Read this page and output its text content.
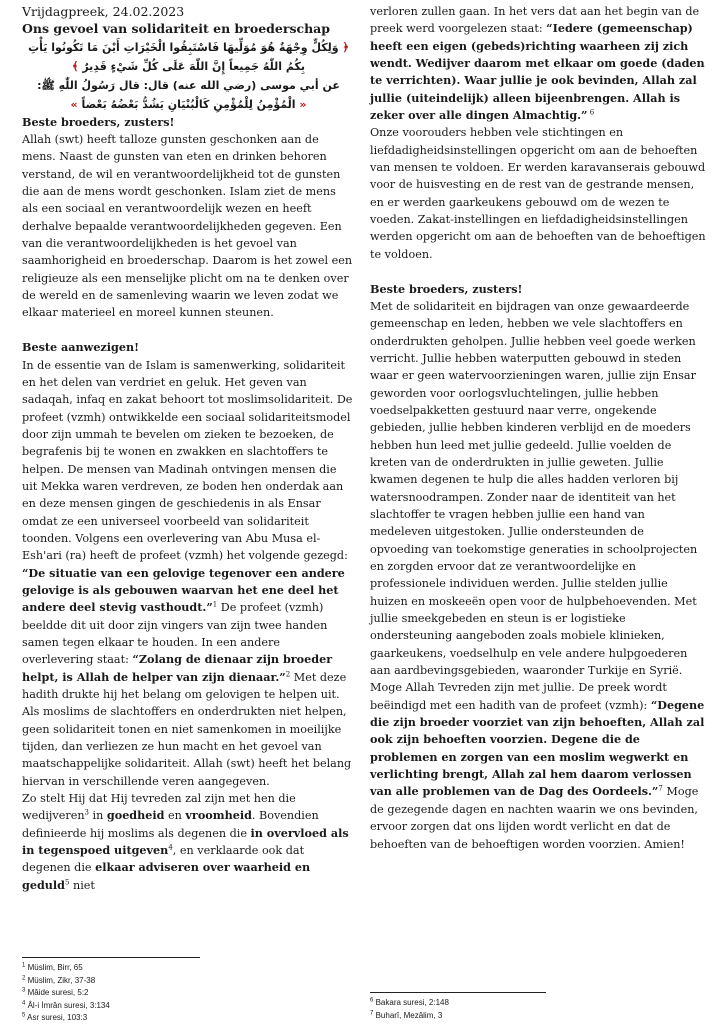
Vrijdagpreek, 24.02.2023
Ons gevoel van solidariteit en broederschap
﴿ وَلِكُلٍّ وِجْهَةٌ هُوَ مُوَلِّيهَا فَاسْتَبِقُوا الْخَيْرَاتِ أَيْنَ مَا تَكُونُوا يَأْتِ بِكُمُ اللّٰهُ جَمِيعاً إِنَّ اللّٰهَ عَلَى كُلِّ شَيْءٍ قَدِيرٌ ﴾
عن أبي موسى (رضي الله عنه) قال: قال رَسُولُ اللّٰهِ ﷺ:
« الْمُؤْمِنُ لِلْمُؤْمِنِ كَالْبُنْيَانِ يَشُدُّ بَعْضُهُ بَعْضاً »

Beste broeders, zusters!

Allah (swt) heeft talloze gunsten geschonken aan de mens. Naast de gunsten van eten en drinken behoren verstand, de wil en verantwoordelijkheid tot de gunsten die aan de mens wordt geschonken. Islam ziet de mens als een sociaal en verantwoordelijk wezen en heeft derhalve bepaalde verantwoordelijkheden gegeven. Een van die verantwoordelijkheden is het gevoel van saamhorigheid en broederschap. Daarom is het zowel een religieuze als een menselijke plicht om na te denken over de wereld en de samenleving waarin we leven zodat we elkaar materieel en moreel kunnen steunen.

Beste aanwezigen!

In de essentie van de Islam is samenwerking, solidariteit en het delen van verdriet en geluk. Het geven van sadaqah, infaq en zakat behoort tot moslimsolidariteit. De profeet (vzmh) ontwikkelde een sociaal solidariteitsmodel door zijn ummah te bevelen om zieken te bezoeken, de begrafenis bij te wonen en zwakken en slachtoffers te helpen. De mensen van Madinah ontvingen mensen die uit Mekka waren verdreven, ze boden hen onderdak aan en deze mensen gingen de geschiedenis in als Ensar omdat ze een universeel voorbeeld van solidariteit toonden. Volgens een overlevering van Abu Musa el-Esh'ari (ra) heeft de profeet (vzmh) het volgende gezegd: “De situatie van een gelovige tegenover een andere gelovige is als gebouwen waarvan het ene deel het andere deel stevig vasthoudt.”$^1$ De profeet (vzmh) beeldde dit uit door zijn vingers van zijn twee handen samen tegen elkaar te houden. In een andere overlevering staat: “Zolang de dienaar zijn broeder helpt, is Allah de helper van zijn dienaar.”$^2$ Met deze hadith drukte hij het belang om gelovigen te helpen uit. Als moslims de slachtoffers en onderdrukten niet helpen, geen solidariteit tonen en niet samenkomen in moeilijke tijden, dan verliezen ze hun macht en het gevoel van maatschappelijke solidariteit. Allah (swt) heeft het belang hiervan in verschillende veren aangegeven.

Zo stelt Hij dat Hij tevreden zal zijn met hen die wedijveren$^3$ in goedheid en vroomheid. Bovendien definieerde hij moslims als degenen die in overvloed als in tegenspoed uitgeven$^4$, en verklaarde ook dat degenen die elkaar adviseren over waarheid en geduld$^5$ niet

verloren zullen gaan. In het vers dat aan het begin van de preek werd voorgelezen staat: “Iedere (gemeenschap) heeft een eigen (gebeds)richting waarheen zij zich wendt. Wedijver daarom met elkaar om goede (daden te verrichten). Waar jullie je ook bevinden, Allah zal jullie (uiteindelijk) alleen bijeenbrengen. Allah is zeker over alle dingen Almachtig.” $^6$

Onze voorouders hebben vele stichtingen en liefdadigheidsinstellingen opgericht om aan de behoeften van mensen te voldoen. Er werden karavanserais gebouwd voor de huisvesting en de rest van de gestrande mensen, en er werden gaarkeukens gebouwd om de wezen te voeden. Zakat-instellingen en liefdadigheidsinstellingen werden opgericht om aan de behoeften van de behoeftigen te voldoen.

Beste broeders, zusters!

Met de solidariteit en bijdragen van onze gewaardeerde gemeenschap en leden, hebben we vele slachtoffers en onderdrukten geholpen. Jullie hebben veel goede werken verricht. Jullie hebben waterputten gebouwd in steden waar er geen watervoorzieningen waren, jullie zijn Ensar geworden voor oorlogsvluchtelingen, jullie hebben voedselpakketten gestuurd naar verre, ongekende gebieden, jullie hebben kinderen verblijd en de moeders hebben hun leed met jullie gedeeld. Jullie voelden de kreten van de onderdrukten in jullie geweten. Jullie kwamen degenen te hulp die alles hadden verloren bij watersnoodrampen. Zonder naar de identiteit van het slachtoffer te vragen hebben jullie een hand van medeleven uitgestoken. Jullie ondersteunden de opvoeding van toekomstige generaties in schoolprojecten en zorgden ervoor dat ze verantwoordelijke en professionele individuen werden. Jullie stelden jullie huizen en moskeeën open voor de hulpbehoevenden. Met jullie smeekgebeden en steun is er logistieke ondersteuning aangeboden zoals mobiele klinieken, gaarkeukens, voedselhulp en vele andere hulpgoederen aan aardbevingsgebieden, waaronder Turkije en Syrië. Moge Allah Tevreden zijn met jullie. De preek wordt beëindigd met een hadith van de profeet (vzmh): “Degene die zijn broeder voorziet van zijn behoeften, Allah zal ook zijn behoeften voorzien. Degene die de problemen en zorgen van een moslim wegwerkt en verlichting brengt, Allah zal hem daarom verlossen van alle problemen van de Dag des Oordeels.”$^7$ Moge de gezegende dagen en nachten waarin we ons bevinden, ervoor zorgen dat ons lijden wordt verlicht en dat de behoeften van de behoeftigen worden voorzien. Amien!

$^1$ Müslim, Birr, 65
$^2$ Müslim, Zikr, 37-38
$^3$ Mâide suresi, 5:2
$^4$ Âl-i İmrân suresi, 3:134
$^5$ Asr suresi, 103:3
$^6$ Bakara suresi, 2:148
$^7$ Buharî, Mezâlim, 3
